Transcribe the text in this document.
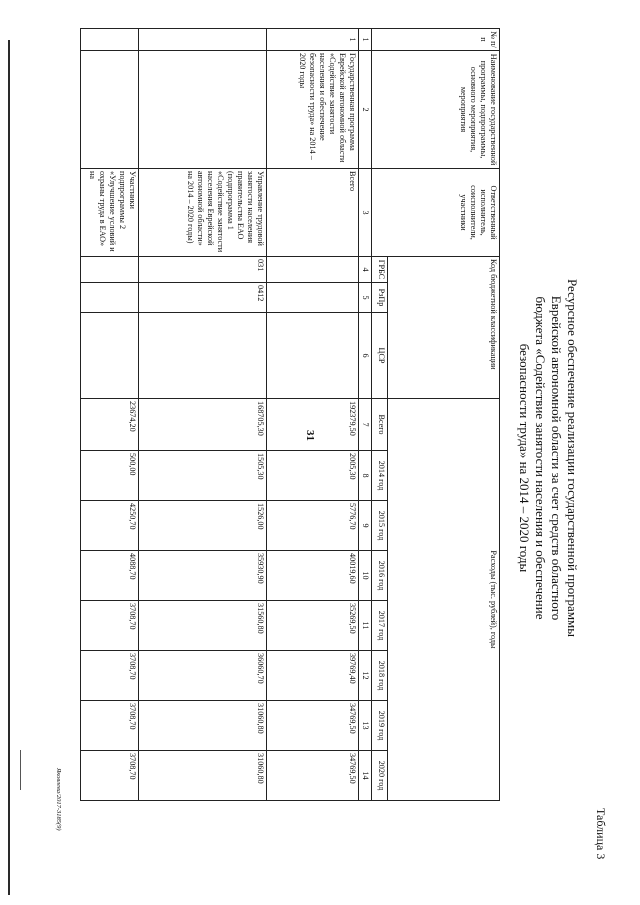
Таблица 3
Ресурсное обеспечение реализации государственной программы
Еврейской автономной области за счет средств областного
бюджета «Содействие занятости населения и обеспечение
безопасности труда» на 2014 – 2020 годы
№ п/п	Наименование государственной программы, подпрограммы, основного мероприятия, мероприятия	Ответственный исполнитель, соисполнители, участники	Код бюджетной классификации			Расходы (тыс. рублей), годы							
			ГРБС	РзПр	ЦСР	Всего	2014 год	2015 год	2016 год	2017 год	2018 год	2019 год	2020 год
1	2	3	4	5	6	7	8	9	10	11	12	13	14
1	Государственная программа Еврейской автономной области «Содействие занятости населения и обеспечение безопасности труда» на 2014 – 2020 годы	Всего				192379,50	2005,30	5776,70	40019,60	35269,50	39769,40	34769,50	34769,50
		Управление трудовой занятости населения правительства ЕАО (подпрограмма 1 «Содействие занятости населения Еврейской автономной области» на 2014 – 2020 годы)	031	0412		168705,30	1505,30	1526,00	35930,90	31560,80	36060,70	31060,80	31060,80
		Участники подпрограммы 2 «Улучшение условий и охраны труда в ЕАО» на				23674,20	500,00	4250,70	4088,70	3708,70	3708,70	3708,70	3708,70
Яковлева/2017-3185(9)
31
